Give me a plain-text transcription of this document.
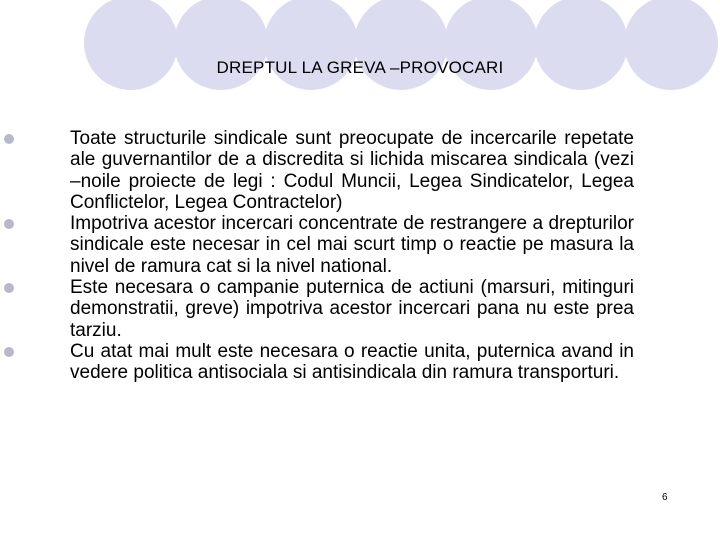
DREPTUL LA GREVA –PROVOCARI
Toate structurile sindicale sunt preocupate de incercarile repetate ale guvernantilor de a discredita si lichida miscarea sindicala (vezi –noile proiecte de legi : Codul Muncii, Legea Sindicatelor, Legea Conflictelor, Legea Contractelor)
Impotriva acestor incercari concentrate de restrangere a drepturilor sindicale este necesar in cel mai scurt timp o reactie pe masura la nivel de ramura cat si la nivel national.
Este necesara o campanie puternica de actiuni (marsuri, mitinguri demonstratii, greve) impotriva acestor incercari pana nu este prea tarziu.
Cu atat mai mult este necesara o reactie unita, puternica avand in vedere politica antisociala si antisindicala din ramura transporturi.
6
